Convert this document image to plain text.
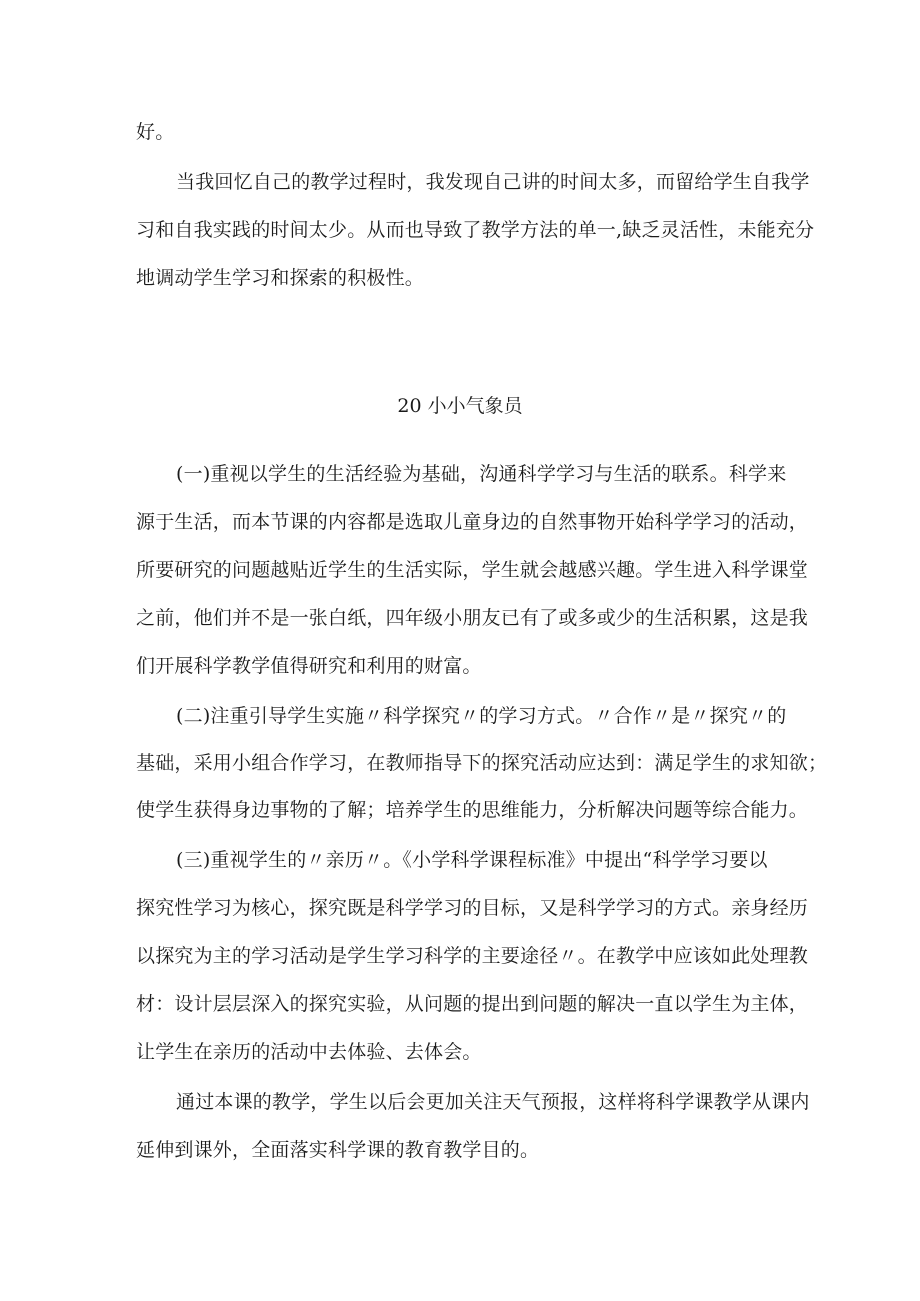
好。
当我回忆自己的教学过程时，我发现自己讲的时间太多，而留给学生自我学
习和自我实践的时间太少。从而也导致了教学方法的单一,缺乏灵活性，未能充分
地调动学生学习和探索的积极性。
20 小小气象员
(一)重视以学生的生活经验为基础，沟通科学学习与生活的联系。科学来
源于生活，而本节课的内容都是选取儿童身边的自然事物开始科学学习的活动，
所要研究的问题越贴近学生的生活实际，学生就会越感兴趣。学生进入科学课堂
之前，他们并不是一张白纸，四年级小朋友已有了或多或少的生活积累，这是我
们开展科学教学值得研究和利用的财富。
(二)注重引导学生实施〃科学探究〃的学习方式。〃合作〃是〃探究〃的
基础，采用小组合作学习，在教师指导下的探究活动应达到：满足学生的求知欲；
使学生获得身边事物的了解；培养学生的思维能力，分析解决问题等综合能力。
(三)重视学生的〃亲历〃。《小学科学课程标准》中提出“科学学习要以
探究性学习为核心，探究既是科学学习的目标，又是科学学习的方式。亲身经历
以探究为主的学习活动是学生学习科学的主要途径〃。在教学中应该如此处理教
材：设计层层深入的探究实验，从问题的提出到问题的解决一直以学生为主体，
让学生在亲历的活动中去体验、去体会。
通过本课的教学，学生以后会更加关注天气预报，这样将科学课教学从课内
延伸到课外，全面落实科学课的教育教学目的。
